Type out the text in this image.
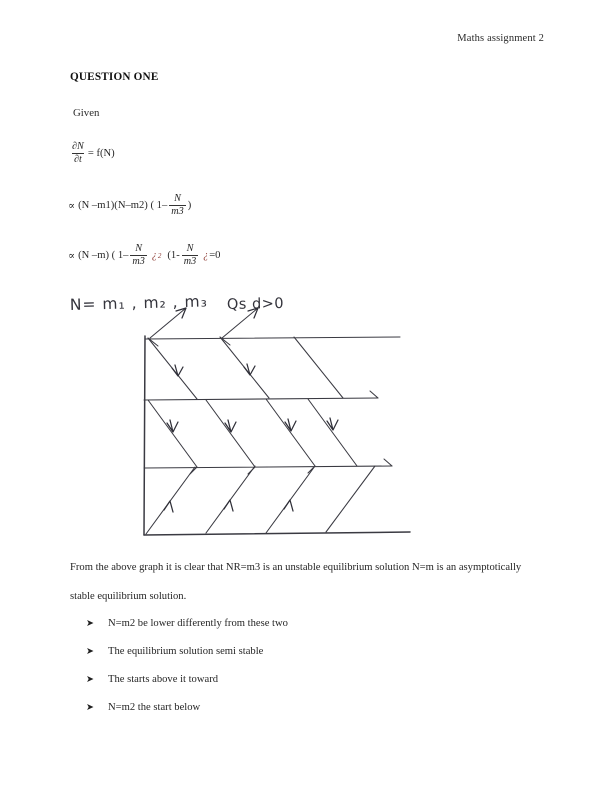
Maths assignment 2
QUESTION ONE
Given
$\frac{\partial N}{\partial t} = f(N)$
∝ (N –m1)(N–m2) ( $1- \frac{N}{m3}$ )
∝ (N –m) ( $1- \frac{N}{m3}$ ¿ 2 ($1- \frac{N}{m3}$ ¿ =0
N= m₁ , m₂ , m₃ Qs d>0
From the above graph it is clear that NR=m3 is an unstable equilibrium solution N=m is an asymptotically stable equilibrium solution.
➤	N=m2 be lower differently from these two
➤	The equilibrium solution semi stable
➤	The starts above it toward
➤	N=m2 the start below
